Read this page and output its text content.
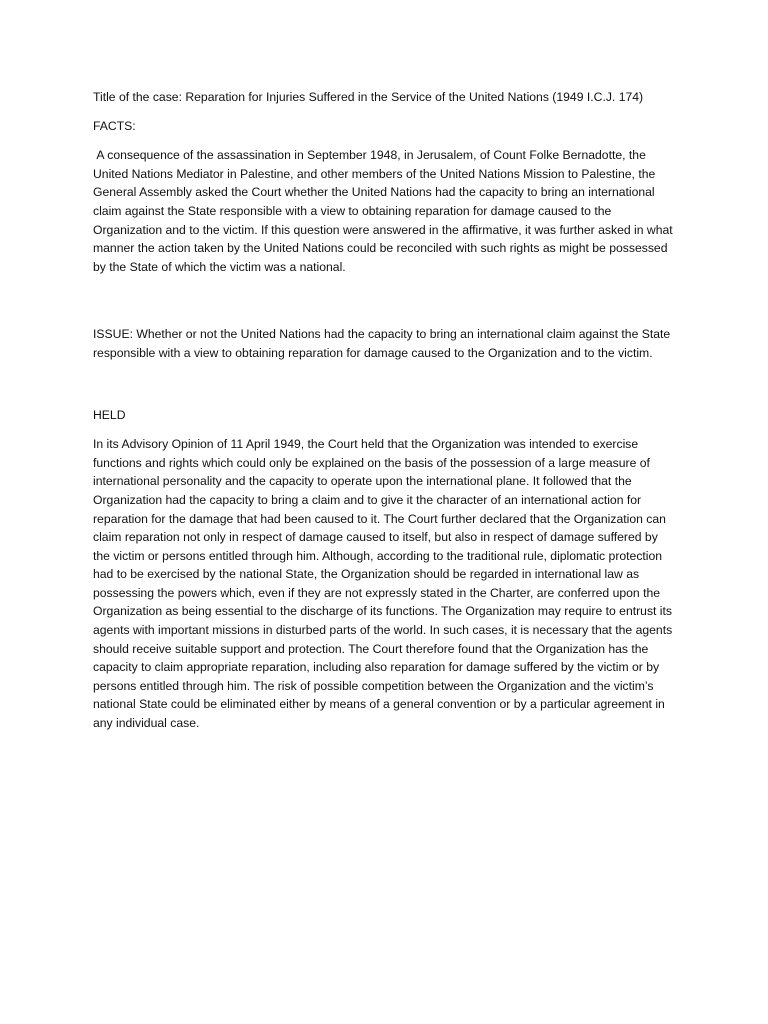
Title of the case: Reparation for Injuries Suffered in the Service of the United Nations (1949 I.C.J. 174)

FACTS:

A consequence of the assassination in September 1948, in Jerusalem, of Count Folke Bernadotte, the United Nations Mediator in Palestine, and other members of the United Nations Mission to Palestine, the General Assembly asked the Court whether the United Nations had the capacity to bring an international claim against the State responsible with a view to obtaining reparation for damage caused to the Organization and to the victim. If this question were answered in the affirmative, it was further asked in what manner the action taken by the United Nations could be reconciled with such rights as might be possessed by the State of which the victim was a national.

ISSUE: Whether or not the United Nations had the capacity to bring an international claim against the State responsible with a view to obtaining reparation for damage caused to the Organization and to the victim.

HELD

In its Advisory Opinion of 11 April 1949, the Court held that the Organization was intended to exercise functions and rights which could only be explained on the basis of the possession of a large measure of international personality and the capacity to operate upon the international plane. It followed that the Organization had the capacity to bring a claim and to give it the character of an international action for reparation for the damage that had been caused to it. The Court further declared that the Organization can claim reparation not only in respect of damage caused to itself, but also in respect of damage suffered by the victim or persons entitled through him. Although, according to the traditional rule, diplomatic protection had to be exercised by the national State, the Organization should be regarded in international law as possessing the powers which, even if they are not expressly stated in the Charter, are conferred upon the Organization as being essential to the discharge of its functions. The Organization may require to entrust its agents with important missions in disturbed parts of the world. In such cases, it is necessary that the agents should receive suitable support and protection. The Court therefore found that the Organization has the capacity to claim appropriate reparation, including also reparation for damage suffered by the victim or by persons entitled through him. The risk of possible competition between the Organization and the victim’s national State could be eliminated either by means of a general convention or by a particular agreement in any individual case.
